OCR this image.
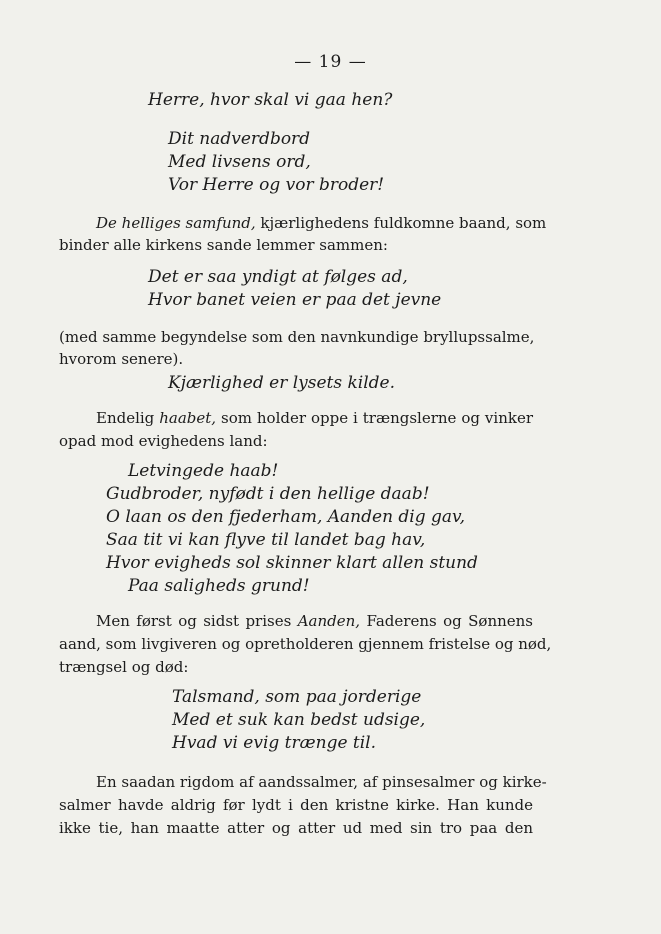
— 19 —
Herre, hvor skal vi gaa hen?
Dit nadverdbord
Med livsens ord,
Vor Herre og vor broder!
De helliges samfund, kjærlighedens fuldkomne baand, som
binder alle kirkens sande lemmer sammen:
Det er saa yndigt at følges ad,
Hvor banet veien er paa det jevne
(med samme begyndelse som den navnkundige bryllupssalme,
hvorom senere).
Kjærlighed er lysets kilde.
Endelig haabet, som holder oppe i trængslerne og vinker
opad mod evighedens land:
Letvingede haab!
Gudbroder, nyfødt i den hellige daab!
O laan os den fjederham, Aanden dig gav,
Saa tit vi kan flyve til landet bag hav,
Hvor evigheds sol skinner klart allen stund
Paa saligheds grund!
Men først og sidst prises Aanden, Faderens og Sønnens
aand, som livgiveren og opretholderen gjennem fristelse og nød,
trængsel og død:
Talsmand, som paa jorderige
Med et suk kan bedst udsige,
Hvad vi evig trænge til.
En saadan rigdom af aandssalmer, af pinsesalmer og kirke-
salmer havde aldrig før lydt i den kristne kirke. Han kunde
ikke tie, han maatte atter og atter ud med sin tro paa den
